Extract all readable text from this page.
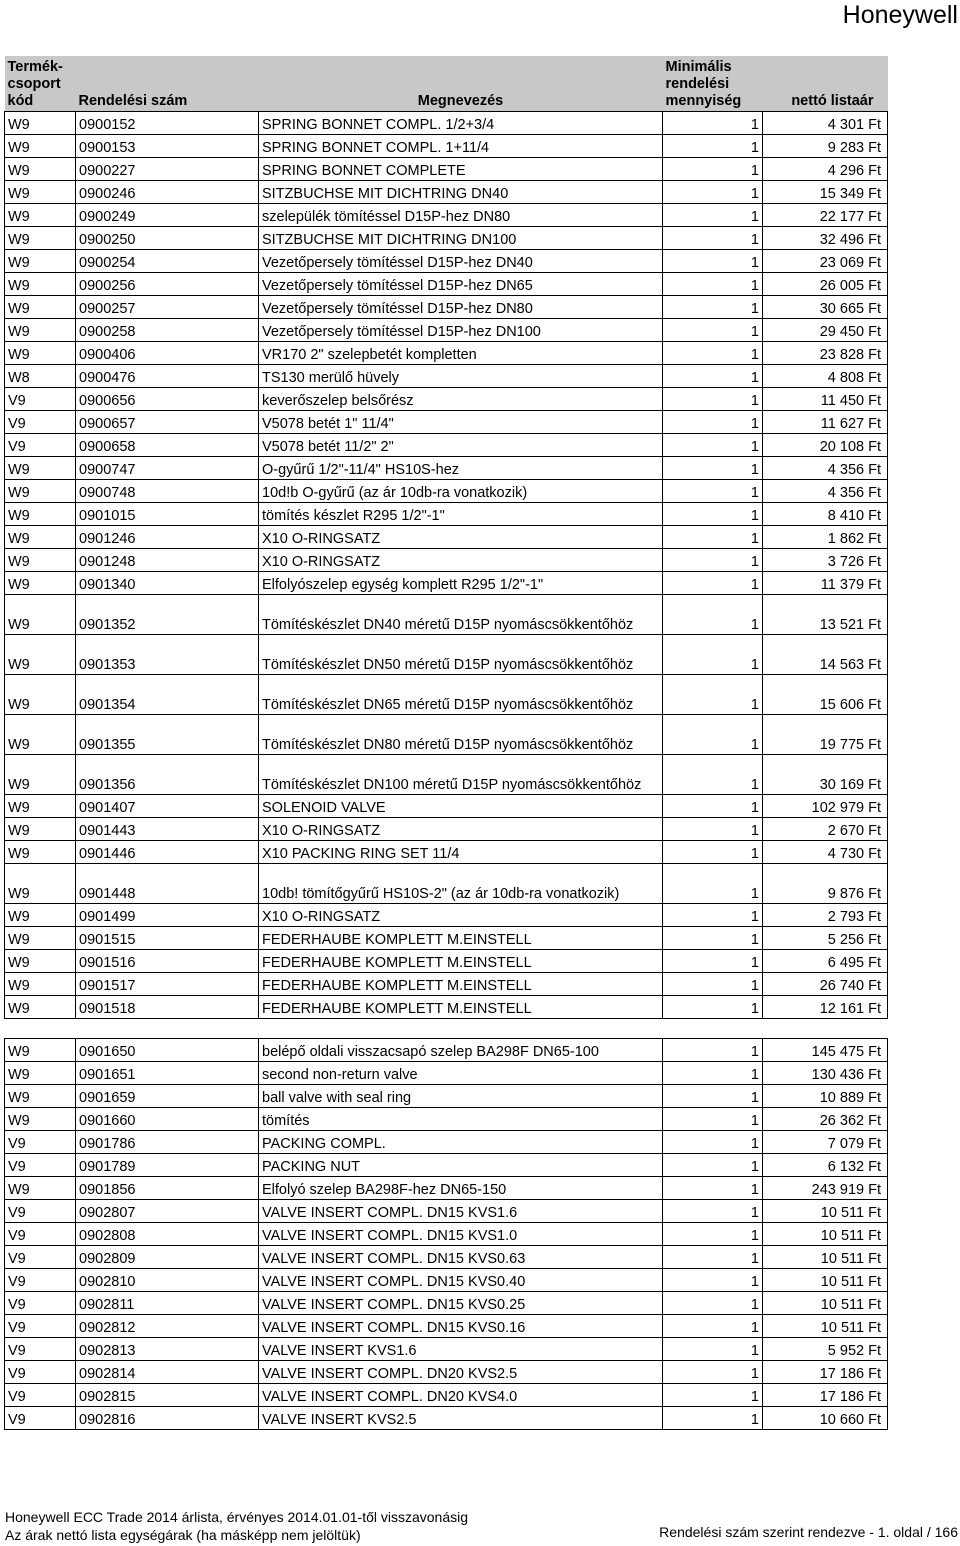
Honeywell
Termék-
csoport
kód	Rendelési szám	Megnevezés	Minimális
rendelési
mennyiség	nettó listaár
W9	0900152	SPRING BONNET COMPL. 1/2+3/4	1	4 301 Ft
W9	0900153	SPRING BONNET COMPL. 1+11/4	1	9 283 Ft
W9	0900227	SPRING BONNET COMPLETE	1	4 296 Ft
W9	0900246	SITZBUCHSE MIT DICHTRING DN40	1	15 349 Ft
W9	0900249	szelepülék tömítéssel D15P-hez DN80	1	22 177 Ft
W9	0900250	SITZBUCHSE MIT DICHTRING DN100	1	32 496 Ft
W9	0900254	Vezetőpersely tömítéssel D15P-hez DN40	1	23 069 Ft
W9	0900256	Vezetőpersely tömítéssel D15P-hez DN65	1	26 005 Ft
W9	0900257	Vezetőpersely tömítéssel D15P-hez DN80	1	30 665 Ft
W9	0900258	Vezetőpersely tömítéssel D15P-hez DN100	1	29 450 Ft
W9	0900406	VR170 2" szelepbetét kompletten	1	23 828 Ft
W8	0900476	TS130 merülő hüvely	1	4 808 Ft
V9	0900656	keverőszelep belsőrész	1	11 450 Ft
V9	0900657	V5078 betét 1" 11/4"	1	11 627 Ft
V9	0900658	V5078 betét 11/2" 2"	1	20 108 Ft
W9	0900747	O-gyűrű 1/2"-11/4" HS10S-hez	1	4 356 Ft
W9	0900748	10d!b O-gyűrű (az ár 10db-ra vonatkozik)	1	4 356 Ft
W9	0901015	tömítés készlet R295 1/2"-1"	1	8 410 Ft
W9	0901246	X10 O-RINGSATZ	1	1 862 Ft
W9	0901248	X10 O-RINGSATZ	1	3 726 Ft
W9	0901340	Elfolyószelep egység komplett R295 1/2"-1"	1	11 379 Ft
W9	0901352	Tömítéskészlet DN40 méretű D15P nyomáscsökkentőhöz	1	13 521 Ft
W9	0901353	Tömítéskészlet DN50 méretű D15P nyomáscsökkentőhöz	1	14 563 Ft
W9	0901354	Tömítéskészlet DN65 méretű D15P nyomáscsökkentőhöz	1	15 606 Ft
W9	0901355	Tömítéskészlet DN80 méretű D15P nyomáscsökkentőhöz	1	19 775 Ft
W9	0901356	Tömítéskészlet DN100 méretű D15P nyomáscsökkentőhöz	1	30 169 Ft
W9	0901407	SOLENOID VALVE	1	102 979 Ft
W9	0901443	X10 O-RINGSATZ	1	2 670 Ft
W9	0901446	X10 PACKING RING SET 11/4	1	4 730 Ft
W9	0901448	10db! tömítőgyűrű HS10S-2" (az ár 10db-ra vonatkozik)	1	9 876 Ft
W9	0901499	X10 O-RINGSATZ	1	2 793 Ft
W9	0901515	FEDERHAUBE KOMPLETT M.EINSTELL	1	5 256 Ft
W9	0901516	FEDERHAUBE KOMPLETT M.EINSTELL	1	6 495 Ft
W9	0901517	FEDERHAUBE KOMPLETT M.EINSTELL	1	26 740 Ft
W9	0901518	FEDERHAUBE KOMPLETT M.EINSTELL	1	12 161 Ft

W9	0901650	belépő oldali visszacsapó szelep BA298F DN65-100	1	145 475 Ft
W9	0901651	second non-return valve	1	130 436 Ft
W9	0901659	ball valve with seal ring	1	10 889 Ft
W9	0901660	tömítés	1	26 362 Ft
V9	0901786	PACKING COMPL.	1	7 079 Ft
V9	0901789	PACKING NUT	1	6 132 Ft
W9	0901856	Elfolyó szelep BA298F-hez DN65-150	1	243 919 Ft
V9	0902807	VALVE INSERT COMPL. DN15 KVS1.6	1	10 511 Ft
V9	0902808	VALVE INSERT COMPL. DN15 KVS1.0	1	10 511 Ft
V9	0902809	VALVE INSERT COMPL. DN15 KVS0.63	1	10 511 Ft
V9	0902810	VALVE INSERT COMPL. DN15 KVS0.40	1	10 511 Ft
V9	0902811	VALVE INSERT COMPL. DN15 KVS0.25	1	10 511 Ft
V9	0902812	VALVE INSERT COMPL. DN15 KVS0.16	1	10 511 Ft
V9	0902813	VALVE INSERT KVS1.6	1	5 952 Ft
V9	0902814	VALVE INSERT COMPL. DN20 KVS2.5	1	17 186 Ft
V9	0902815	VALVE INSERT COMPL. DN20 KVS4.0	1	17 186 Ft
V9	0902816	VALVE INSERT KVS2.5	1	10 660 Ft
Honeywell ECC Trade 2014 árlista, érvényes 2014.01.01-től visszavonásig
Az árak nettó lista egységárak (ha másképp nem jelöltük)	Rendelési szám szerint rendezve - 1. oldal / 166
